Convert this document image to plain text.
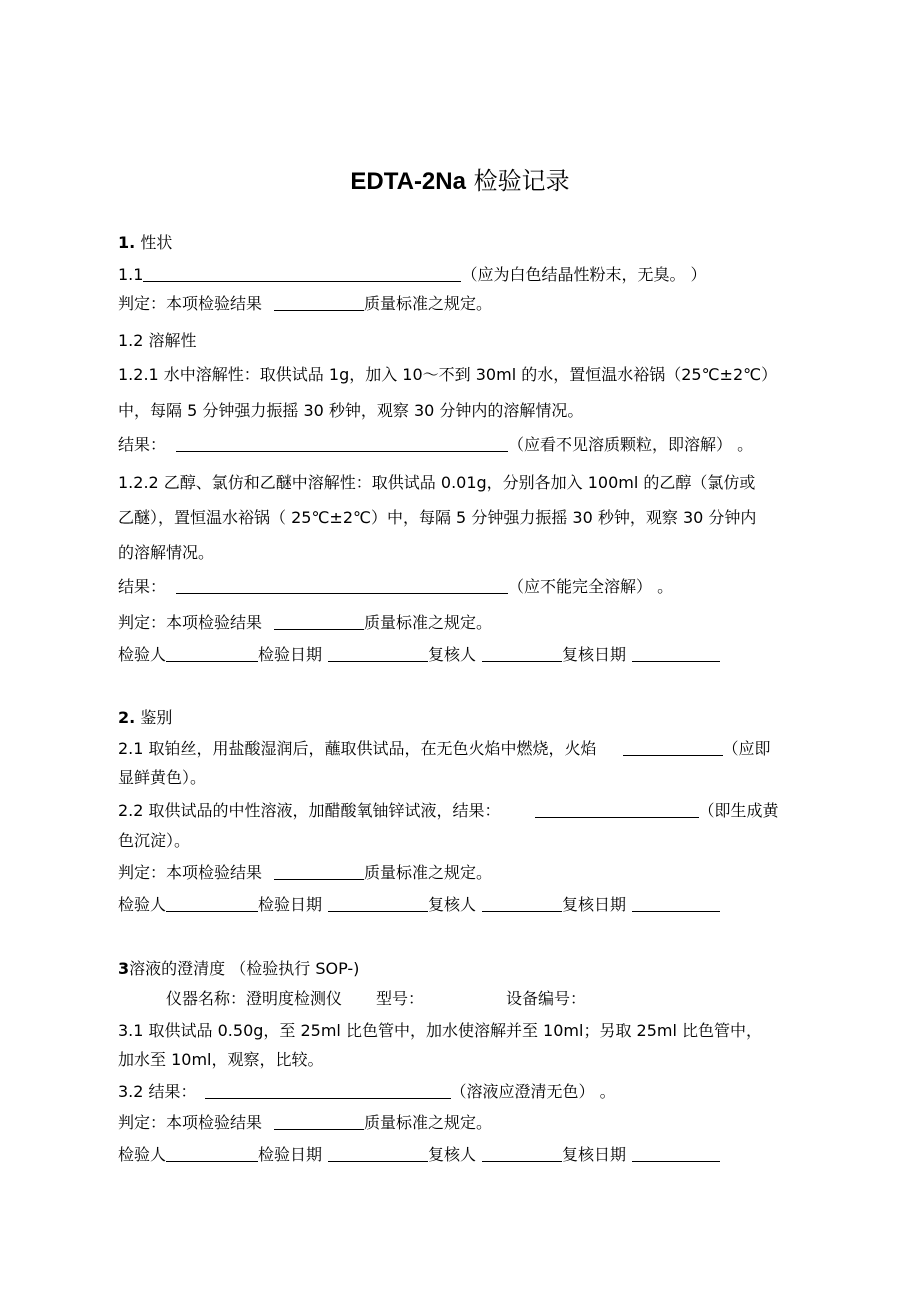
EDTA-2Na 检验记录
1. 性状
1.1	（应为白色结晶性粉末，无臭。 ）
判定：本项检验结果	质量标准之规定。
1.2 溶解性
1.2.1 水中溶解性：取供试品 1g，加入 10～不到 30ml 的水，置恒温水裕锅（25℃±2℃）
中，每隔 5 分钟强力振摇 30 秒钟，观察 30 分钟内的溶解情况。
结果：	（应看不见溶质颗粒，即溶解） 。
1.2.2 乙醇、氯仿和乙醚中溶解性：取供试品 0.01g，分别各加入 100ml 的乙醇（氯仿或
乙醚），置恒温水裕锅（ 25℃±2℃）中，每隔 5 分钟强力振摇 30 秒钟，观察 30 分钟内
的溶解情况。
结果：	（应不能完全溶解） 。
判定：本项检验结果	质量标准之规定。
检验人	检验日期	复核人	复核日期
2. 鉴别
2.1 取铂丝，用盐酸湿润后，蘸取供试品，在无色火焰中燃烧，火焰	（应即
显鲜黄色）。
2.2 取供试品的中性溶液，加醋酸氧铀锌试液，结果：	（即生成黄
色沉淀）。
判定：本项检验结果	质量标准之规定。
检验人	检验日期	复核人	复核日期
3溶液的澄清度 （检验执行 SOP-)
仪器名称：澄明度检测仪 型号：	设备编号：
3.1 取供试品 0.50g，至 25ml 比色管中，加水使溶解并至 10ml；另取 25ml 比色管中，
加水至 10ml，观察，比较。
3.2 结果：	（溶液应澄清无色） 。
判定：本项检验结果	质量标准之规定。
检验人	检验日期	复核人	复核日期
